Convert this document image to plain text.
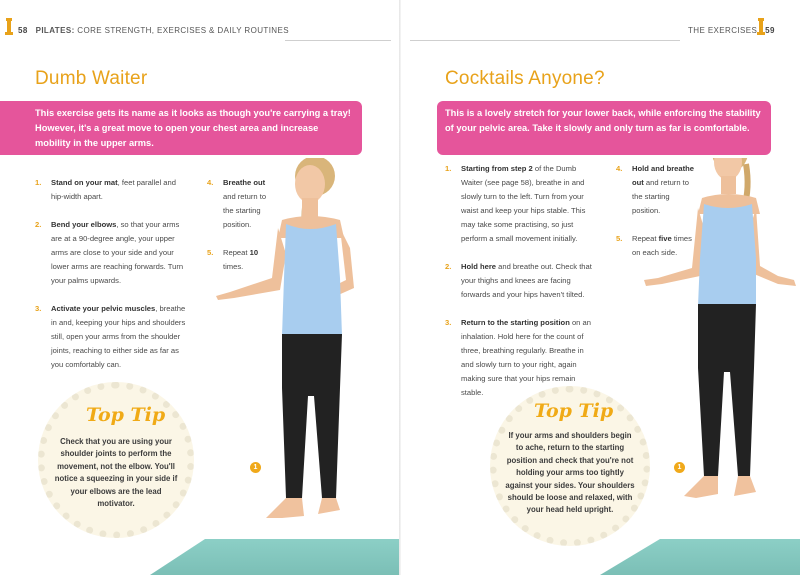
58 PILATES: CORE STRENGTH, EXERCISES & DAILY ROUTINES
Dumb Waiter
This exercise gets its name as it looks as though you're carrying a tray! However, it's a great move to open your chest area and increase mobility in the upper arms.
1
1. Stand on your mat, feet parallel and hip-width apart.
2. Bend your elbows, so that your arms are at a 90-degree angle, your upper arms are close to your side and your lower arms are reaching forwards. Turn your palms upwards.
3. Activate your pelvic muscles, breathe in and, keeping your hips and shoulders still, open your arms from the shoulder joints, reaching to either side as far as you comfortably can.
4. Breathe out and return to the starting position.
5. Repeat 10 times.
Top Tip
Check that you are using your shoulder joints to perform the movement, not the elbow. You'll notice a squeezing in your side if your elbows are the lead motivator.
THE EXERCISES 59
Cocktails Anyone?
This is a lovely stretch for your lower back, while enforcing the stability of your pelvic area. Take it slowly and only turn as far is comfortable.
1
1. Starting from step 2 of the Dumb Waiter (see page 58), breathe in and slowly turn to the left. Turn from your waist and keep your hips stable. This may take some practising, so just perform a small movement initially.
2. Hold here and breathe out. Check that your thighs and knees are facing forwards and your hips haven't tilted.
3. Return to the starting position on an inhalation. Hold here for the count of three, breathing regularly. Breathe in and slowly turn to your right, again making sure that your hips remain stable.
4. Hold and breathe out and return to the starting position.
5. Repeat five times on each side.
Top Tip
If your arms and shoulders begin to ache, return to the starting position and check that you're not holding your arms too tightly against your sides. Your shoulders should be loose and relaxed, with your head held upright.
